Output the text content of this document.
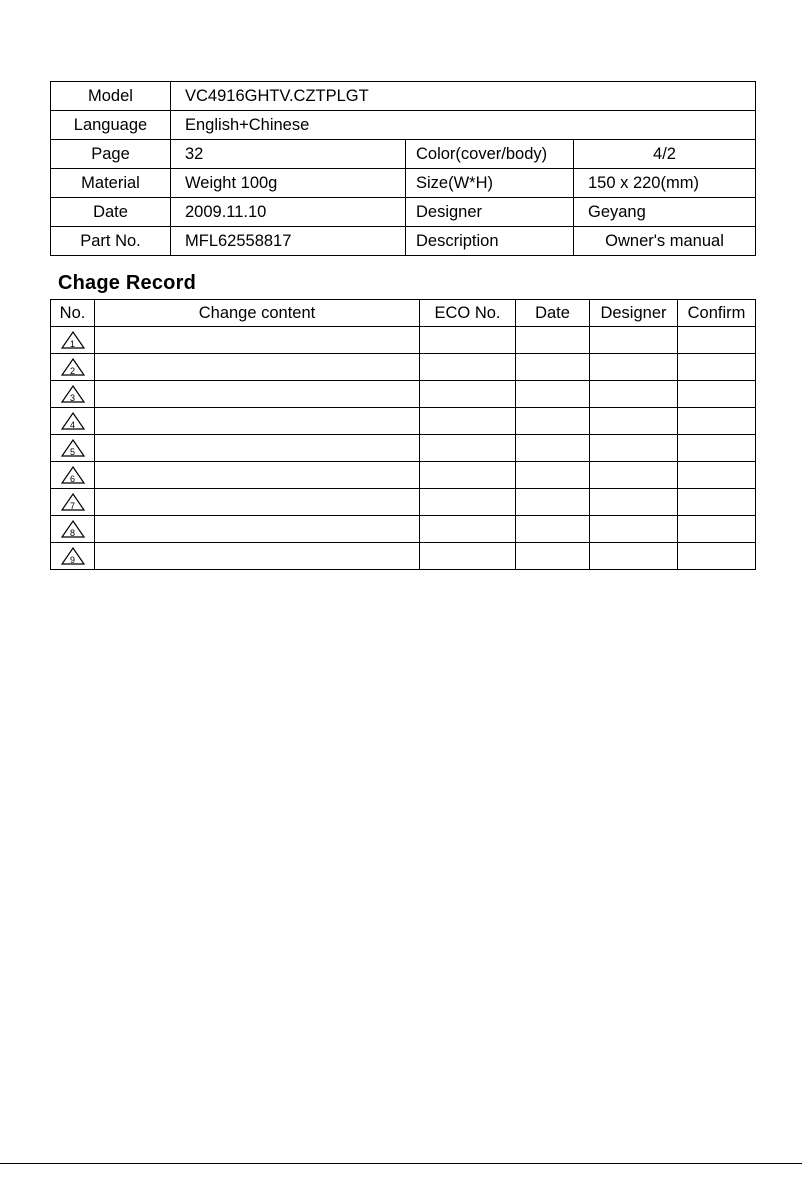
Model	VC4916GHTV.CZTPLGT		
Language	English+Chinese		
Page	32	Color(cover/body)	4/2
Material	Weight 100g	Size(W*H)	150 x 220(mm)
Date	2009.11.10	Designer	Geyang
Part No.	MFL62558817	Description	Owner's manual
Chage Record
No.	Change content	ECO No.	Date	Designer	Confirm

1					

2					

3					

4					

5					

6					

7					

8					

9					
